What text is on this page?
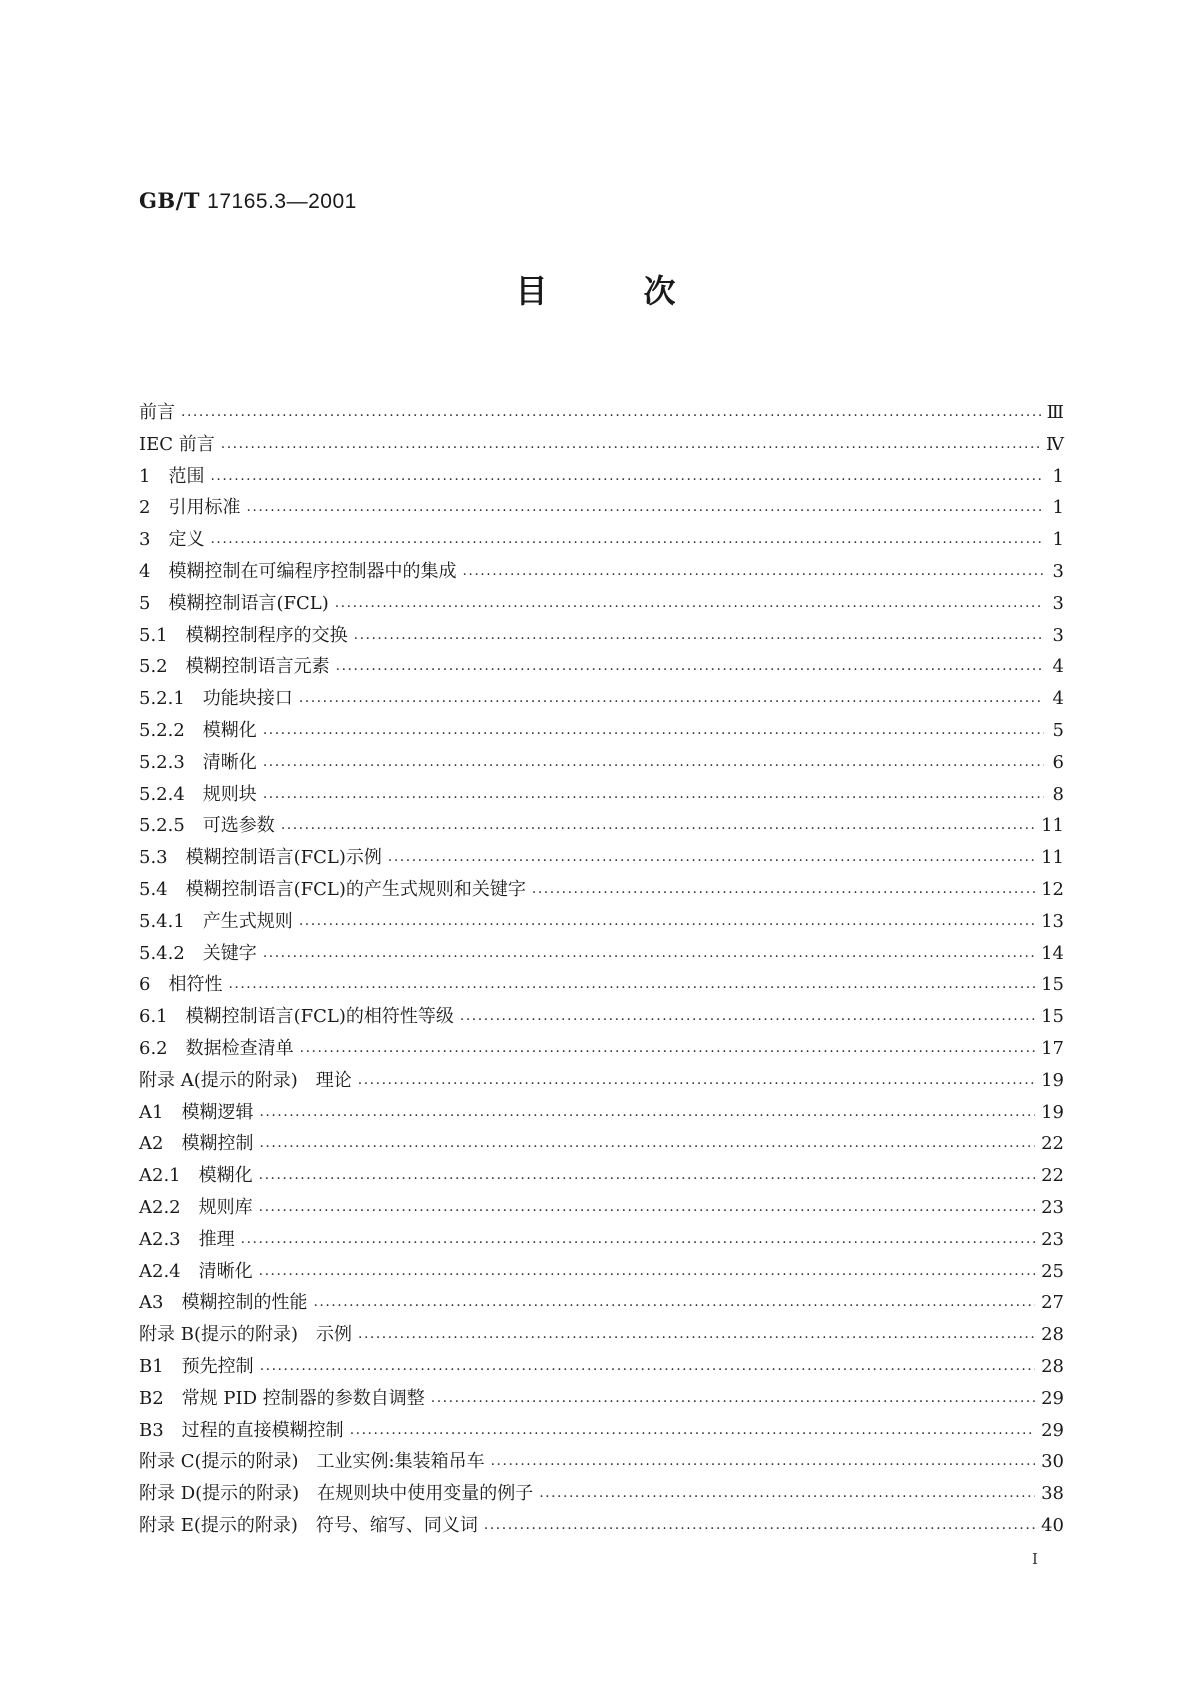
GB/T 17165.3—2001
目次
前言 ·····	Ⅲ
IEC 前言 ·····	Ⅳ
1　范围 ·····	1
2　引用标准 ·····	1
3　定义 ·····	1
4　模糊控制在可编程序控制器中的集成 ·····	3
5　模糊控制语言(FCL) ·····	3
5.1　模糊控制程序的交换 ·····	3
5.2　模糊控制语言元素 ·····	4
5.2.1　功能块接口 ·····	4
5.2.2　模糊化 ·····	5
5.2.3　清晰化 ·····	6
5.2.4　规则块 ·····	8
5.2.5　可选参数 ·····	11
5.3　模糊控制语言(FCL)示例 ·····	11
5.4　模糊控制语言(FCL)的产生式规则和关键字 ·····	12
5.4.1　产生式规则 ·····	13
5.4.2　关键字 ·····	14
6　相符性 ·····	15
6.1　模糊控制语言(FCL)的相符性等级 ·····	15
6.2　数据检查清单 ·····	17
附录 A(提示的附录)　理论 ·····	19
A1　模糊逻辑 ·····	19
A2　模糊控制 ·····	22
A2.1　模糊化 ·····	22
A2.2　规则库 ·····	23
A2.3　推理 ·····	23
A2.4　清晰化 ·····	25
A3　模糊控制的性能 ·····	27
附录 B(提示的附录)　示例 ·····	28
B1　预先控制 ·····	28
B2　常规 PID 控制器的参数自调整 ·····	29
B3　过程的直接模糊控制 ·····	29
附录 C(提示的附录)　工业实例:集装箱吊车 ·····	30
附录 D(提示的附录)　在规则块中使用变量的例子 ·····	38
附录 E(提示的附录)　符号、缩写、同义词 ·····	40
Ⅰ
